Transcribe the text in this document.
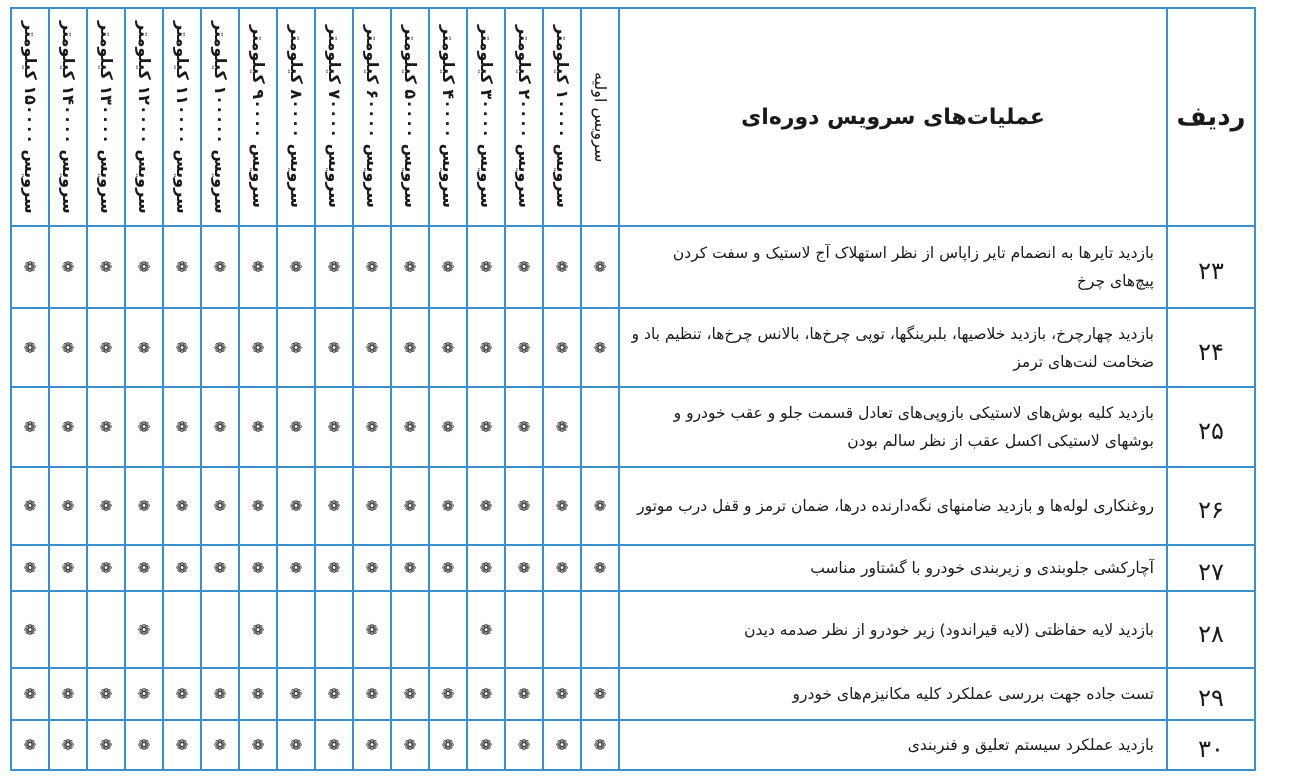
ردیف	عملیات‌های سرویس دوره‌ای	سرویس اولیه	سرویس ۱۰۰۰۰ کیلومتر	سرویس ۲۰۰۰۰ کیلومتر	سرویس ۳۰۰۰۰ کیلومتر	سرویس ۴۰۰۰۰ کیلومتر	سرویس ۵۰۰۰۰ کیلومتر	سرویس ۶۰۰۰۰ کیلومتر	سرویس ۷۰۰۰۰ کیلومتر	سرویس ۸۰۰۰۰ کیلومتر	سرویس ۹۰۰۰۰ کیلومتر	سرویس ۱۰۰۰۰۰ کیلومتر	سرویس ۱۱۰۰۰۰ کیلومتر	سرویس ۱۲۰۰۰۰ کیلومتر	سرویس ۱۳۰۰۰۰ کیلومتر	سرویس ۱۴۰۰۰۰ کیلومتر	سرویس ۱۵۰۰۰۰ کیلومتر

۲۳	بازدید تایرها به انضمام تایر زاپاس از نظر استهلاک آج لاستیک و سفت کردن پیچ‌های چرخ	❁	❁	❁	❁	❁	❁	❁	❁	❁	❁	❁	❁	❁	❁	❁	❁
۲۴	بازدید چهارچرخ، بازدید خلاصیها، بلبرینگها، توپی چرخ‌ها، بالانس چرخ‌ها، تنظیم باد و ضخامت لنت‌های ترمز	❁	❁	❁	❁	❁	❁	❁	❁	❁	❁	❁	❁	❁	❁	❁	❁
۲۵	بازدید کلیه بوش‌های لاستیکی بازوپی‌های تعادل قسمت جلو و عقب خودرو و بوشهای لاستیکی اکسل عقب از نظر سالم بودن		❁	❁	❁	❁	❁	❁	❁	❁	❁	❁	❁	❁	❁	❁	❁
۲۶	روغنکاری لوله‌ها و بازدید ضامنهای نگه‌دارنده درها، ضمان ترمز و قفل درب موتور	❁	❁	❁	❁	❁	❁	❁	❁	❁	❁	❁	❁	❁	❁	❁	❁
۲۷	آچارکشی جلوبندی و زیربندی خودرو با گشتاور مناسب	❁	❁	❁	❁	❁	❁	❁	❁	❁	❁	❁	❁	❁	❁	❁	❁
۲۸	بازدید لایه حفاظتی (لایه قیراندود) زیر خودرو از نظر صدمه دیدن				❁			❁			❁			❁			❁
۲۹	تست جاده جهت بررسی عملکرد کلیه مکانیزم‌های خودرو	❁	❁	❁	❁	❁	❁	❁	❁	❁	❁	❁	❁	❁	❁	❁	❁
۳۰	بازدید عملکرد سیستم تعلیق و فنربندی	❁	❁	❁	❁	❁	❁	❁	❁	❁	❁	❁	❁	❁	❁	❁	❁
